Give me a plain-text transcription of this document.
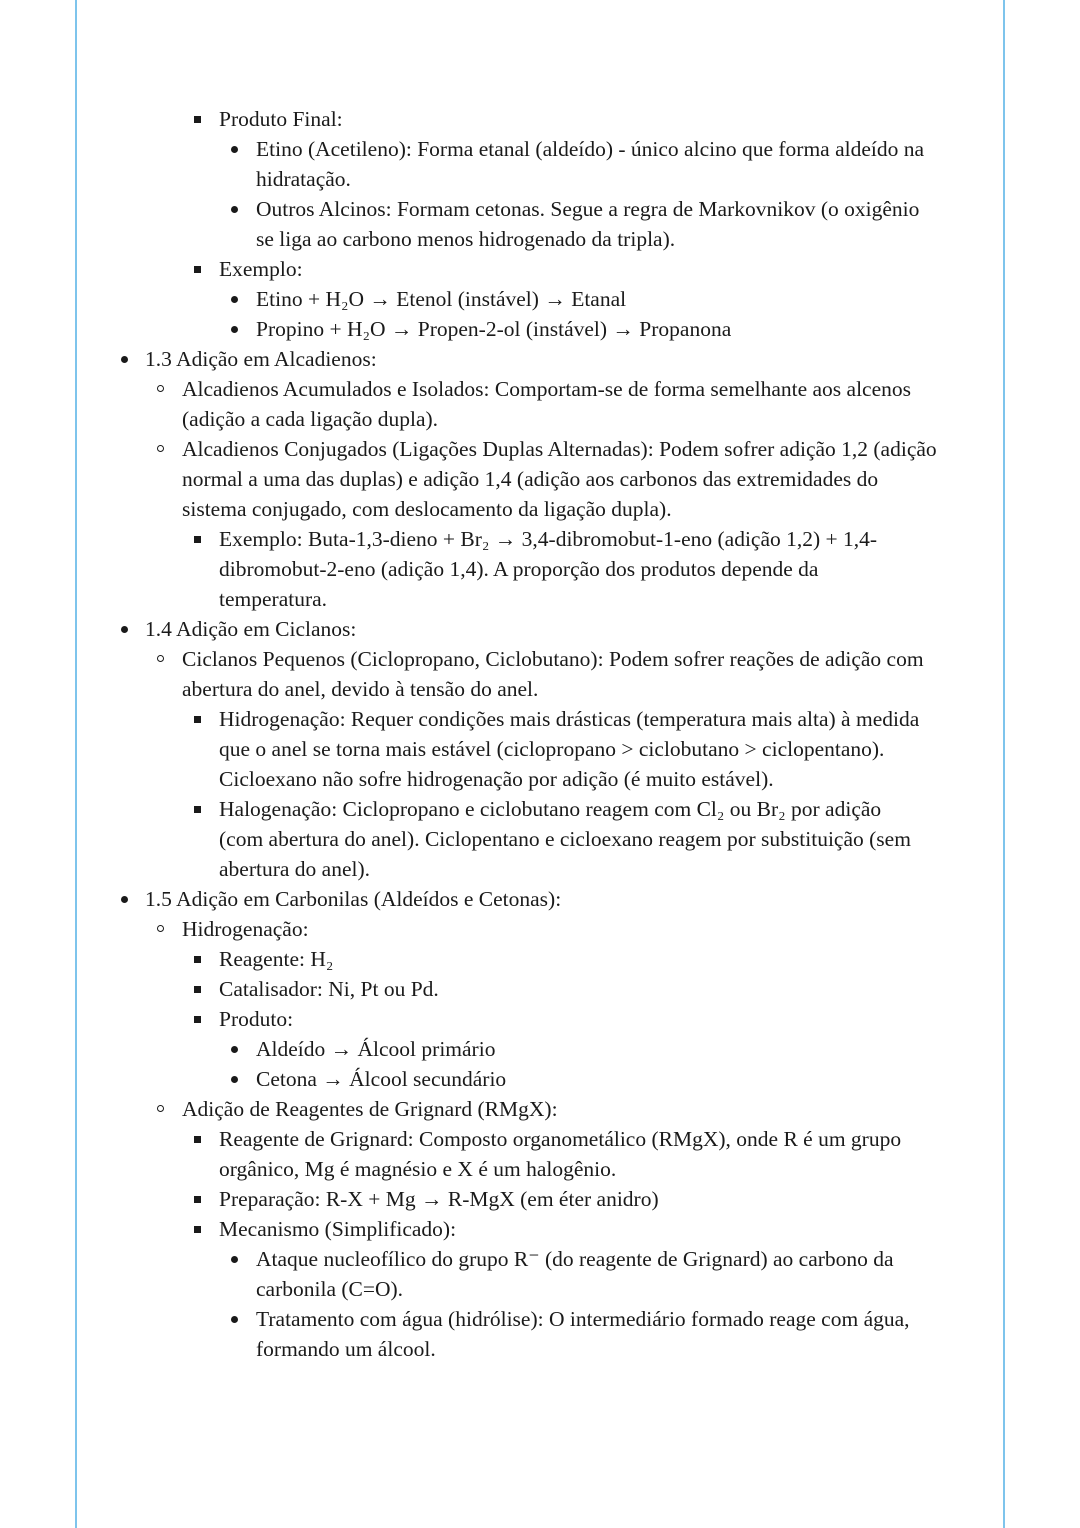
Produto Final:
Etino (Acetileno): Forma etanal (aldeído) - único alcino que forma aldeído na
hidratação.
Outros Alcinos: Formam cetonas. Segue a regra de Markovnikov (o oxigênio
se liga ao carbono menos hidrogenado da tripla).
Exemplo:
Etino + H₂O → Etenol (instável) → Etanal
Propino + H₂O → Propen-2-ol (instável) → Propanona
1.3 Adição em Alcadienos:
Alcadienos Acumulados e Isolados: Comportam-se de forma semelhante aos alcenos
(adição a cada ligação dupla).
Alcadienos Conjugados (Ligações Duplas Alternadas): Podem sofrer adição 1,2 (adição
normal a uma das duplas) e adição 1,4 (adição aos carbonos das extremidades do
sistema conjugado, com deslocamento da ligação dupla).
Exemplo: Buta-1,3-dieno + Br₂ → 3,4-dibromobut-1-eno (adição 1,2) + 1,4-
dibromobut-2-eno (adição 1,4). A proporção dos produtos depende da
temperatura.
1.4 Adição em Ciclanos:
Ciclanos Pequenos (Ciclopropano, Ciclobutano): Podem sofrer reações de adição com
abertura do anel, devido à tensão do anel.
Hidrogenação: Requer condições mais drásticas (temperatura mais alta) à medida
que o anel se torna mais estável (ciclopropano > ciclobutano > ciclopentano).
Cicloexano não sofre hidrogenação por adição (é muito estável).
Halogenação: Ciclopropano e ciclobutano reagem com Cl₂ ou Br₂ por adição
(com abertura do anel). Ciclopentano e cicloexano reagem por substituição (sem
abertura do anel).
1.5 Adição em Carbonilas (Aldeídos e Cetonas):
Hidrogenação:
Reagente: H₂
Catalisador: Ni, Pt ou Pd.
Produto:
Aldeído → Álcool primário
Cetona → Álcool secundário
Adição de Reagentes de Grignard (RMgX):
Reagente de Grignard: Composto organometálico (RMgX), onde R é um grupo
orgânico, Mg é magnésio e X é um halogênio.
Preparação: R-X + Mg → R-MgX (em éter anidro)
Mecanismo (Simplificado):
Ataque nucleofílico do grupo R⁻ (do reagente de Grignard) ao carbono da
carbonila (C=O).
Tratamento com água (hidrólise): O intermediário formado reage com água,
formando um álcool.
